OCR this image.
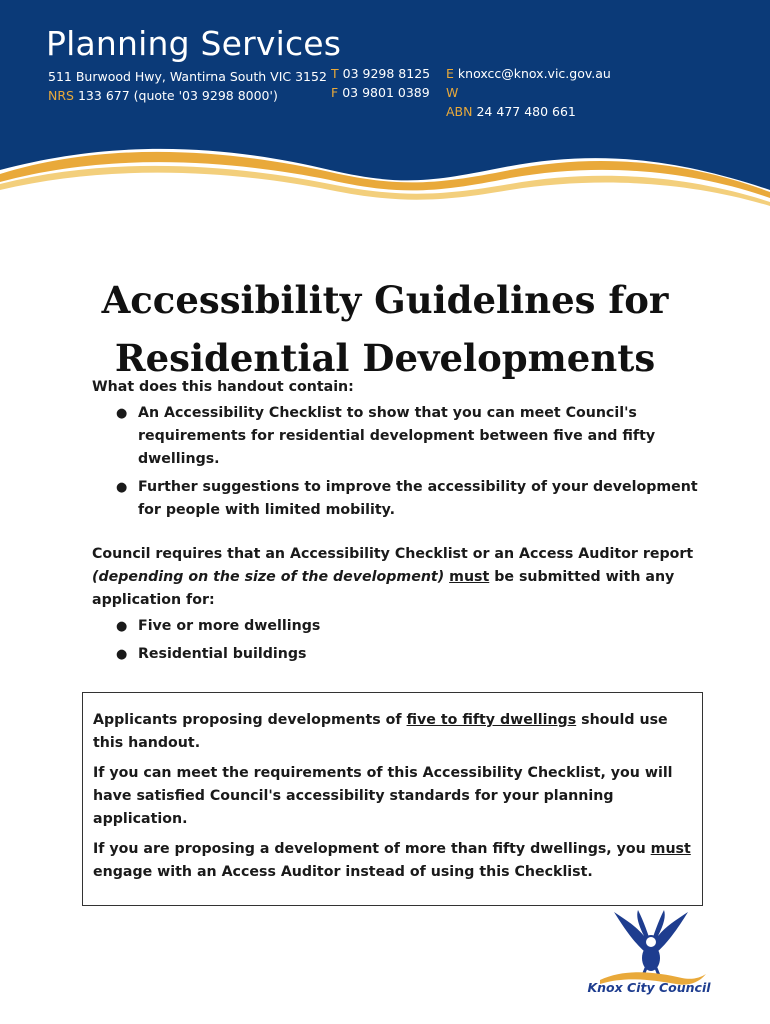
Planning Services
511 Burwood Hwy, Wantirna South VIC 3152
NRS 133 677 (quote '03 9298 8000')
T 03 9298 8125
F 03 9801 0389
E knoxcc@knox.vic.gov.au
W
ABN 24 477 480 661
Accessibility Guidelines for
Residential Developments

What does this handout contain:

● An Accessibility Checklist to show that you can meet Council's requirements for residential development between five and fifty dwellings.
● Further suggestions to improve the accessibility of your development for people with limited mobility.

Council requires that an Accessibility Checklist or an Access Auditor report (depending on the size of the development) must be submitted with any application for:

● Five or more dwellings
● Residential buildings

Applicants proposing developments of five to fifty dwellings should use this handout.

If you can meet the requirements of this Accessibility Checklist, you will have satisfied Council's accessibility standards for your planning application.

If you are proposing a development of more than fifty dwellings, you must engage with an Access Auditor instead of using this Checklist.

Knox City Council
